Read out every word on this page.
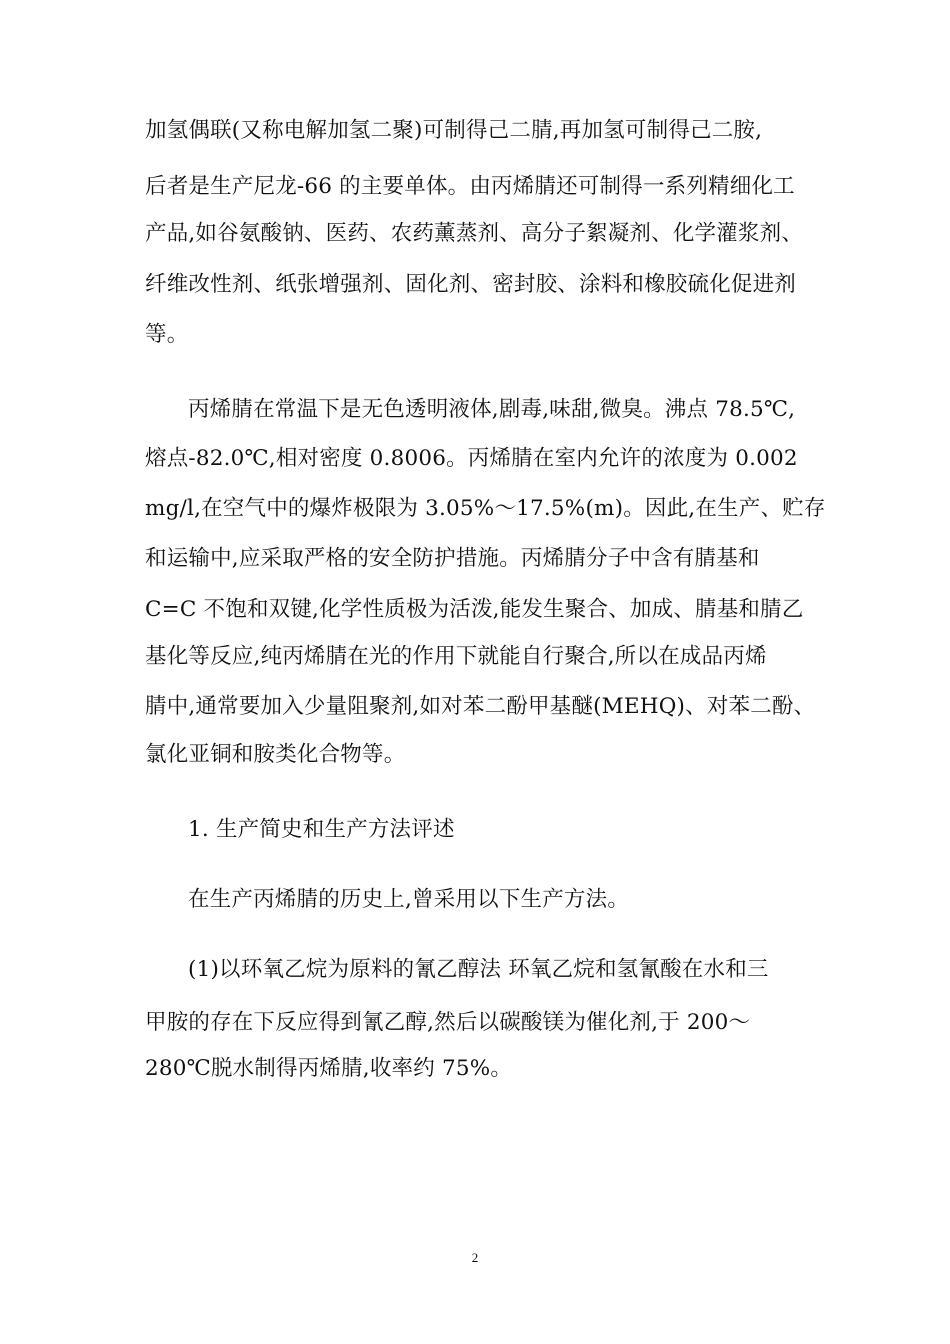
加氢偶联(又称电解加氢二聚)可制得己二腈,再加氢可制得己二胺,
后者是生产尼龙-66 的主要单体。由丙烯腈还可制得一系列精细化工
产品,如谷氨酸钠、医药、农药薰蒸剂、高分子絮凝剂、化学灌浆剂、
纤维改性剂、纸张增强剂、固化剂、密封胶、涂料和橡胶硫化促进剂
等。
丙烯腈在常温下是无色透明液体,剧毒,味甜,微臭。沸点 78.5℃,
熔点-82.0℃,相对密度 0.8006。丙烯腈在室内允许的浓度为 0.002
mg/l,在空气中的爆炸极限为 3.05%～17.5%(m)。因此,在生产、贮存
和运输中,应采取严格的安全防护措施。丙烯腈分子中含有腈基和
C=C 不饱和双键,化学性质极为活泼,能发生聚合、加成、腈基和腈乙
基化等反应,纯丙烯腈在光的作用下就能自行聚合,所以在成品丙烯
腈中,通常要加入少量阻聚剂,如对苯二酚甲基醚(MEHQ)、对苯二酚、
氯化亚铜和胺类化合物等。
1. 生产简史和生产方法评述
在生产丙烯腈的历史上,曾采用以下生产方法。
(1)以环氧乙烷为原料的氰乙醇法 环氧乙烷和氢氰酸在水和三
甲胺的存在下反应得到氰乙醇,然后以碳酸镁为催化剂,于 200～
280℃脱水制得丙烯腈,收率约 75%。
2
